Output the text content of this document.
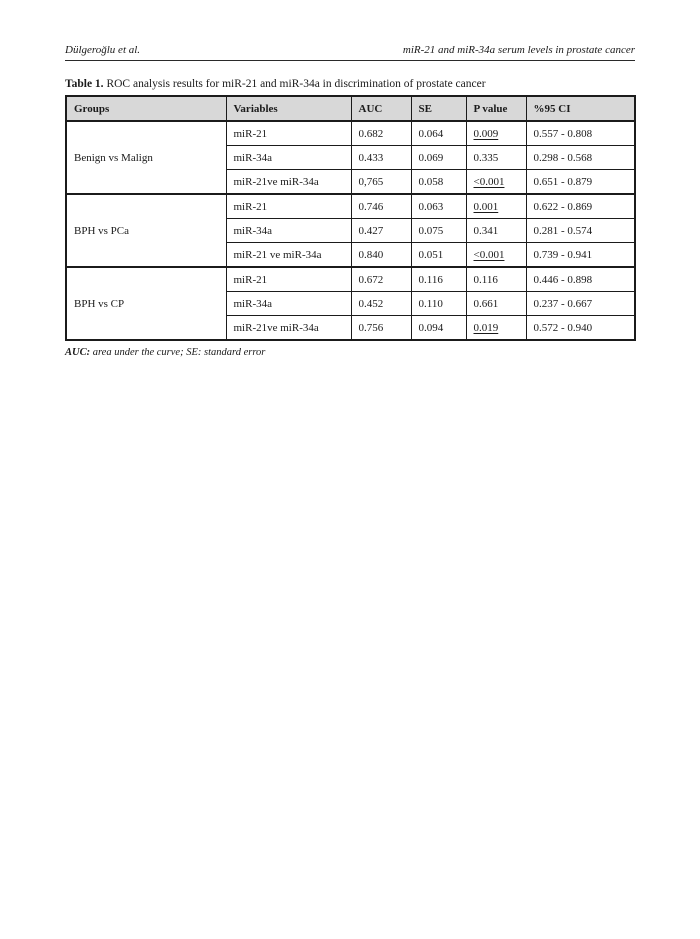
Dülgeroğlu et al.	miR-21 and miR-34a serum levels in prostate cancer
Table 1. ROC analysis results for miR-21 and miR-34a in discrimination of prostate cancer
Groups	Variables	AUC	SE	P value	%95 CI
Benign vs Malign	miR-21	0.682	0.064	0.009	0.557 - 0.808
	miR-34a	0.433	0.069	0.335	0.298 - 0.568
	miR-21ve miR-34a	0,765	0.058	<0.001	0.651 - 0.879
BPH vs PCa	miR-21	0.746	0.063	0.001	0.622 - 0.869
	miR-34a	0.427	0.075	0.341	0.281 - 0.574
	miR-21 ve miR-34a	0.840	0.051	<0.001	0.739 - 0.941
BPH vs CP	miR-21	0.672	0.116	0.116	0.446 - 0.898
	miR-34a	0.452	0.110	0.661	0.237 - 0.667
	miR-21ve miR-34a	0.756	0.094	0.019	0.572 - 0.940
AUC: area under the curve; SE: standard error
